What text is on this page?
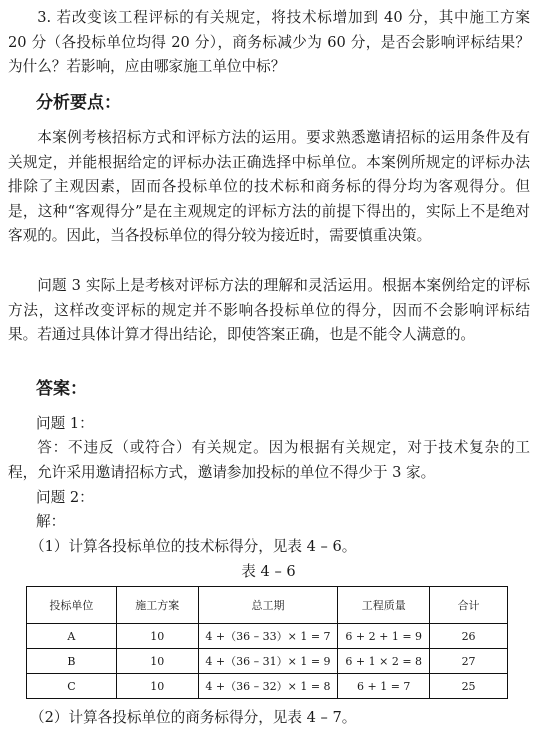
3. 若改变该工程评标的有关规定，将技术标增加到 40 分，其中施工方案 20 分（各投标单位均得 20 分），商务标减少为 60 分，是否会影响评标结果？为什么？若影响，应由哪家施工单位中标？

分析要点：

本案例考核招标方式和评标方法的运用。要求熟悉邀请招标的运用条件及有关规定，并能根据给定的评标办法正确选择中标单位。本案例所规定的评标办法排除了主观因素，固而各投标单位的技术标和商务标的得分均为客观得分。但是，这种“客观得分”是在主观规定的评标方法的前提下得出的，实际上不是绝对客观的。因此，当各投标单位的得分较为接近时，需要慎重决策。

问题 3 实际上是考核对评标方法的理解和灵活运用。根据本案例给定的评标方法，这样改变评标的规定并不影响各投标单位的得分，因而不会影响评标结果。若通过具体计算才得出结论，即使答案正确，也是不能令人满意的。

答案：

问题 1：

答：不违反（或符合）有关规定。因为根据有关规定，对于技术复杂的工程，允许采用邀请招标方式，邀请参加投标的单位不得少于 3 家。

问题 2：

解：

（1）计算各投标单位的技术标得分，见表 4 – 6。

表 4 – 6

投标单位	施工方案	总工期	工程质量	合计
A	10	4 +（36 – 33）× 1 = 7	6 + 2 + 1 = 9	26
B	10	4 +（36 – 31）× 1 = 9	6 + 1 × 2 = 8	27
C	10	4 +（36 – 32）× 1 = 8	6 + 1 = 7	25

（2）计算各投标单位的商务标得分，见表 4 – 7。
